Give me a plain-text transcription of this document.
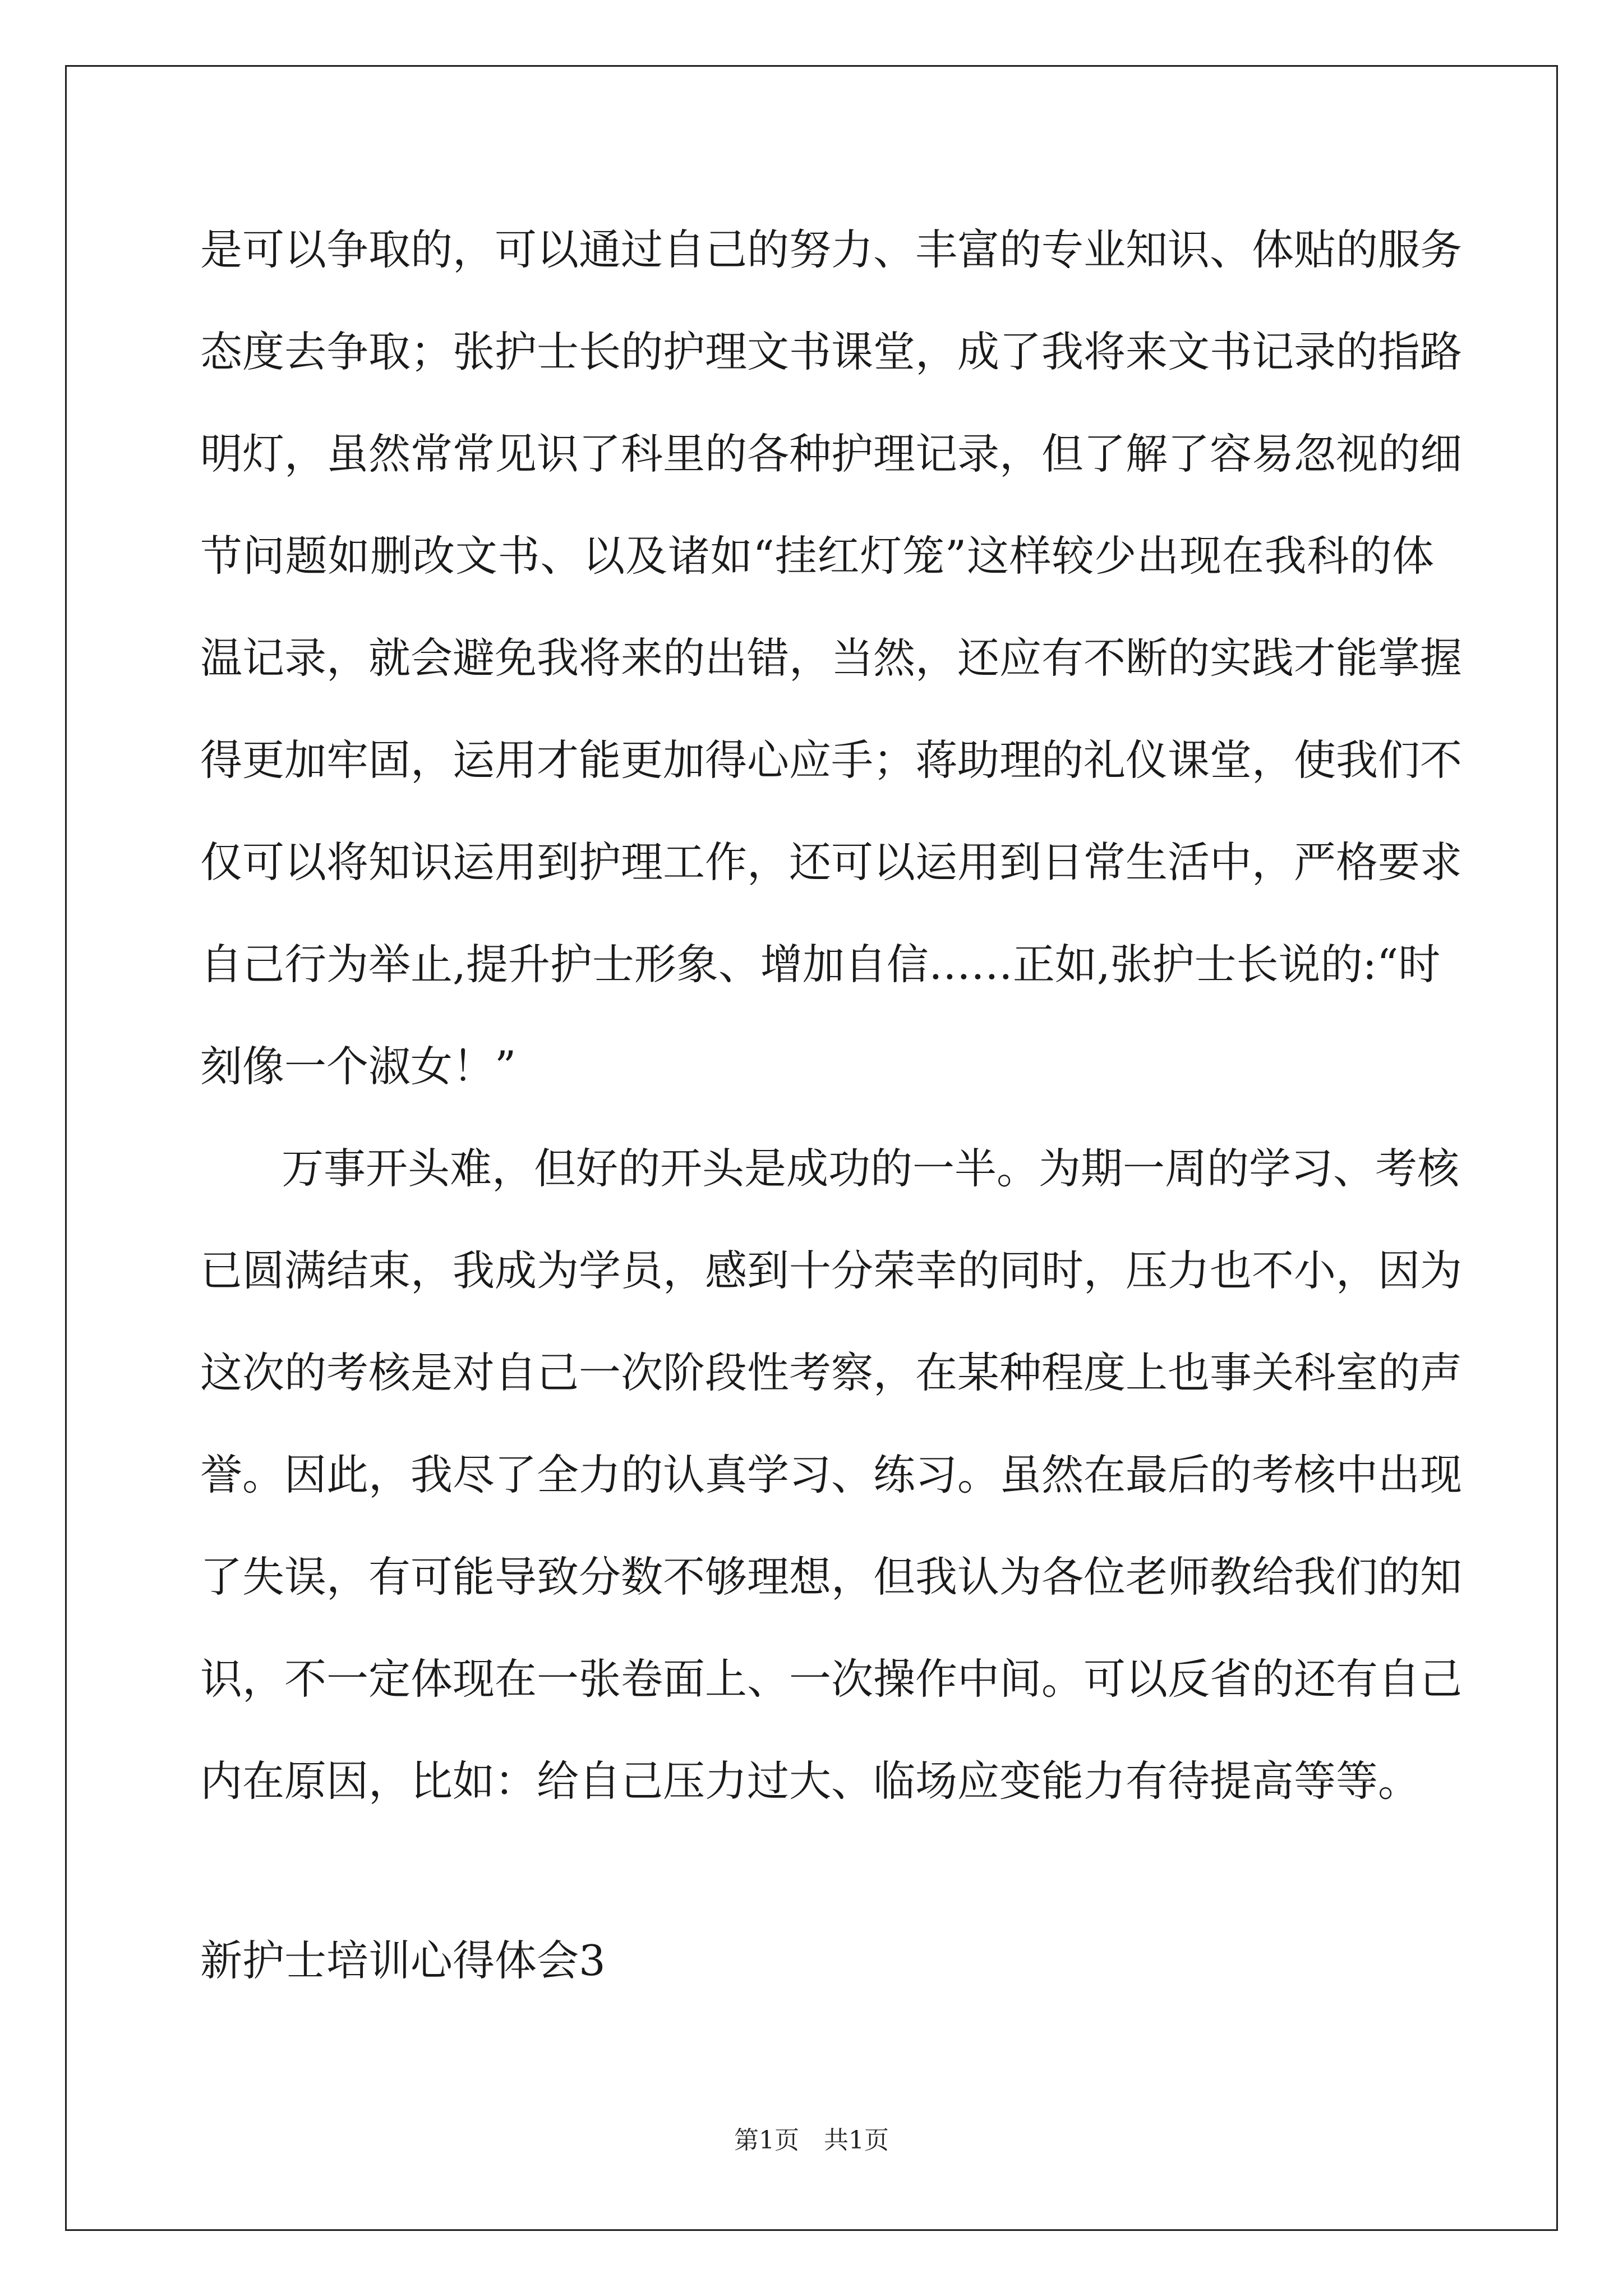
是可以争取的，可以通过自己的努力、丰富的专业知识、体贴的服务
态度去争取；张护士长的护理文书课堂，成了我将来文书记录的指路
明灯，虽然常常见识了科里的各种护理记录，但了解了容易忽视的细
节问题如删改文书、以及诸如“挂红灯笼”这样较少出现在我科的体
温记录，就会避免我将来的出错，当然，还应有不断的实践才能掌握
得更加牢固，运用才能更加得心应手；蒋助理的礼仪课堂，使我们不
仅可以将知识运用到护理工作，还可以运用到日常生活中，严格要求
自己行为举止,提升护士形象、增加自信……正如,张护士长说的:“时
刻像一个淑女！”
万事开头难，但好的开头是成功的一半。为期一周的学习、考核
已圆满结束，我成为学员，感到十分荣幸的同时，压力也不小，因为
这次的考核是对自己一次阶段性考察，在某种程度上也事关科室的声
誉。因此，我尽了全力的认真学习、练习。虽然在最后的考核中出现
了失误，有可能导致分数不够理想，但我认为各位老师教给我们的知
识，不一定体现在一张卷面上、一次操作中间。可以反省的还有自己
内在原因，比如：给自己压力过大、临场应变能力有待提高等等。
新护士培训心得体会3
第1页　共1页
